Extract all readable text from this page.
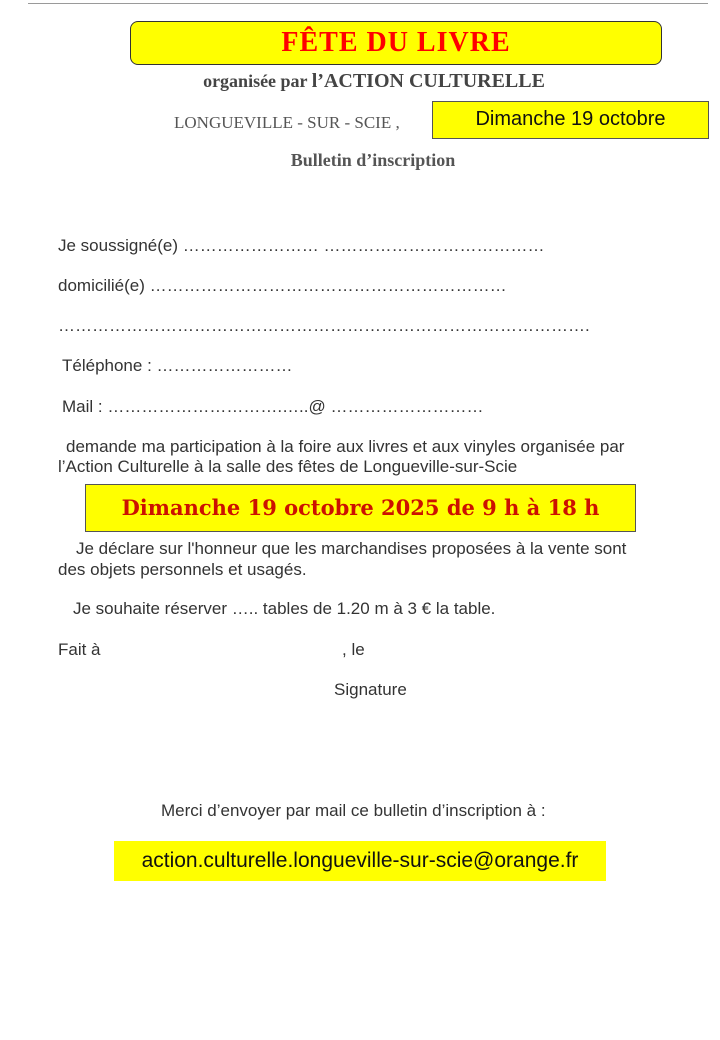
FÊTE DU LIVRE
organisée par l’ACTION CULTURELLE
LONGUEVILLE - SUR - SCIE ,	Dimanche 19 octobre
Bulletin d’inscription
Je soussigné(e) …………………… …………………………………
domicilié(e) ………………………………………………………
………………………………………………………………………………….
Téléphone : ……………………
Mail : ………………………….…..@ ………………………
demande ma participation à la foire aux livres et aux vinyles organisée par
l’Action Culturelle à la salle des fêtes de Longueville-sur-Scie
Dimanche 19 octobre 2025 de 9 h à 18 h
Je déclare sur l'honneur que les marchandises proposées à la vente sont
des objets personnels et usagés.
Je souhaite réserver ….. tables de 1.20 m à 3 € la table.
Fait à	, le
Signature
Merci d’envoyer par mail ce bulletin d’inscription à :
action.culturelle.longueville-sur-scie@orange.fr
